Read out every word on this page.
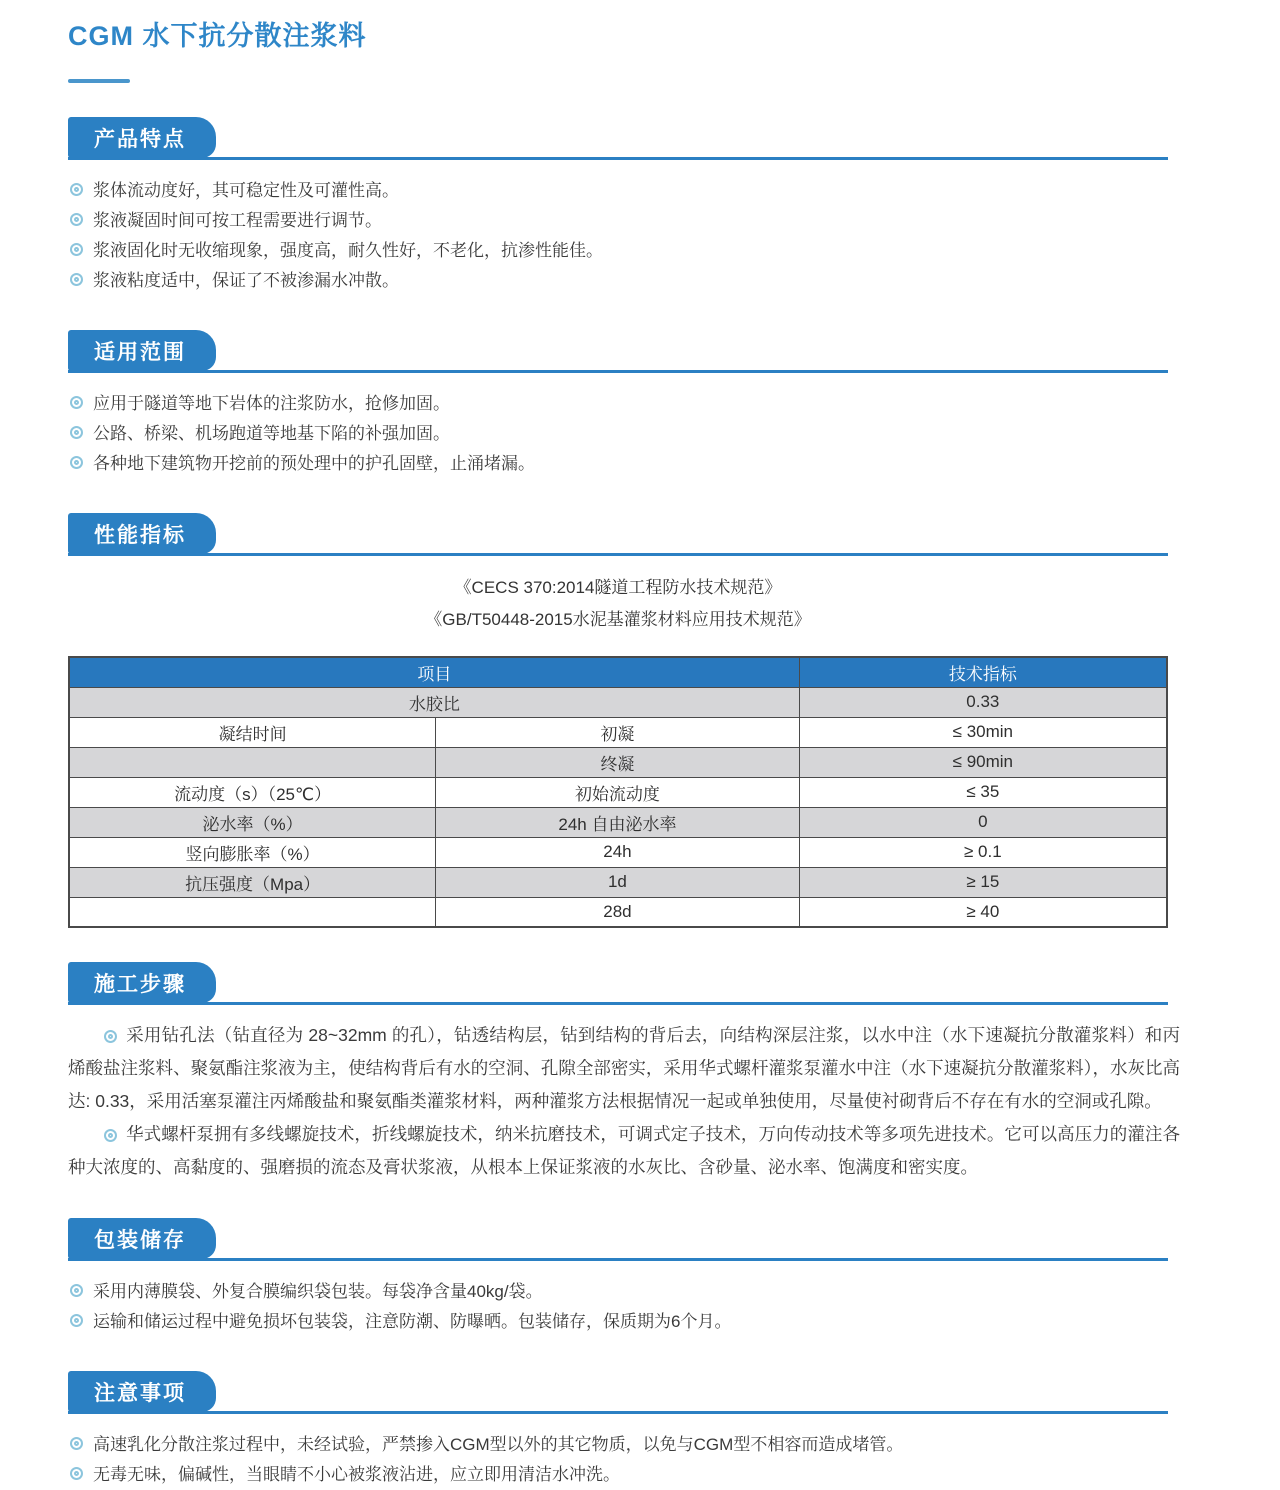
CGM 水下抗分散注浆料
产品特点
浆体流动度好，其可稳定性及可灌性高。
浆液凝固时间可按工程需要进行调节。
浆液固化时无收缩现象，强度高，耐久性好，不老化，抗渗性能佳。
浆液粘度适中，保证了不被渗漏水冲散。
适用范围
应用于隧道等地下岩体的注浆防水，抢修加固。
公路、桥梁、机场跑道等地基下陷的补强加固。
各种地下建筑物开挖前的预处理中的护孔固壁，止涌堵漏。
性能指标
《CECS 370:2014隧道工程防水技术规范》
《GB/T50448-2015水泥基灌浆材料应用技术规范》
项目		技术指标
水胶比		0.33
凝结时间	初凝	≤ 30min
	终凝	≤ 90min
流动度（s）（25℃）	初始流动度	≤ 35
泌水率（%）	24h 自由泌水率	0
竖向膨胀率（%）	24h	≥ 0.1
抗压强度（Mpa）	1d	≥ 15
	28d	≥ 40
施工步骤

采用钻孔法（钻直径为 28~32mm 的孔），钻透结构层，钻到结构的背后去，向结构深层注浆，以水中注（水下速凝抗分散灌浆料）和丙烯酸盐注浆料、聚氨酯注浆液为主，使结构背后有水的空洞、孔隙全部密实，采用华式螺杆灌浆泵灌水中注（水下速凝抗分散灌浆料），水灰比高达: 0.33，采用活塞泵灌注丙烯酸盐和聚氨酯类灌浆材料，两种灌浆方法根据情况一起或单独使用，尽量使衬砌背后不存在有水的空洞或孔隙。

华式螺杆泵拥有多线螺旋技术，折线螺旋技术，纳米抗磨技术，可调式定子技术，万向传动技术等多项先进技术。它可以高压力的灌注各种大浓度的、高黏度的、强磨损的流态及膏状浆液，从根本上保证浆液的水灰比、含砂量、泌水率、饱满度和密实度。

包装储存
采用内薄膜袋、外复合膜编织袋包装。每袋净含量40kg/袋。
运输和储运过程中避免损坏包装袋，注意防潮、防曝晒。包装储存，保质期为6个月。
注意事项
高速乳化分散注浆过程中，未经试验，严禁掺入CGM型以外的其它物质，以免与CGM型不相容而造成堵管。
无毒无味，偏碱性，当眼睛不小心被浆液沾进，应立即用清洁水冲洗。
